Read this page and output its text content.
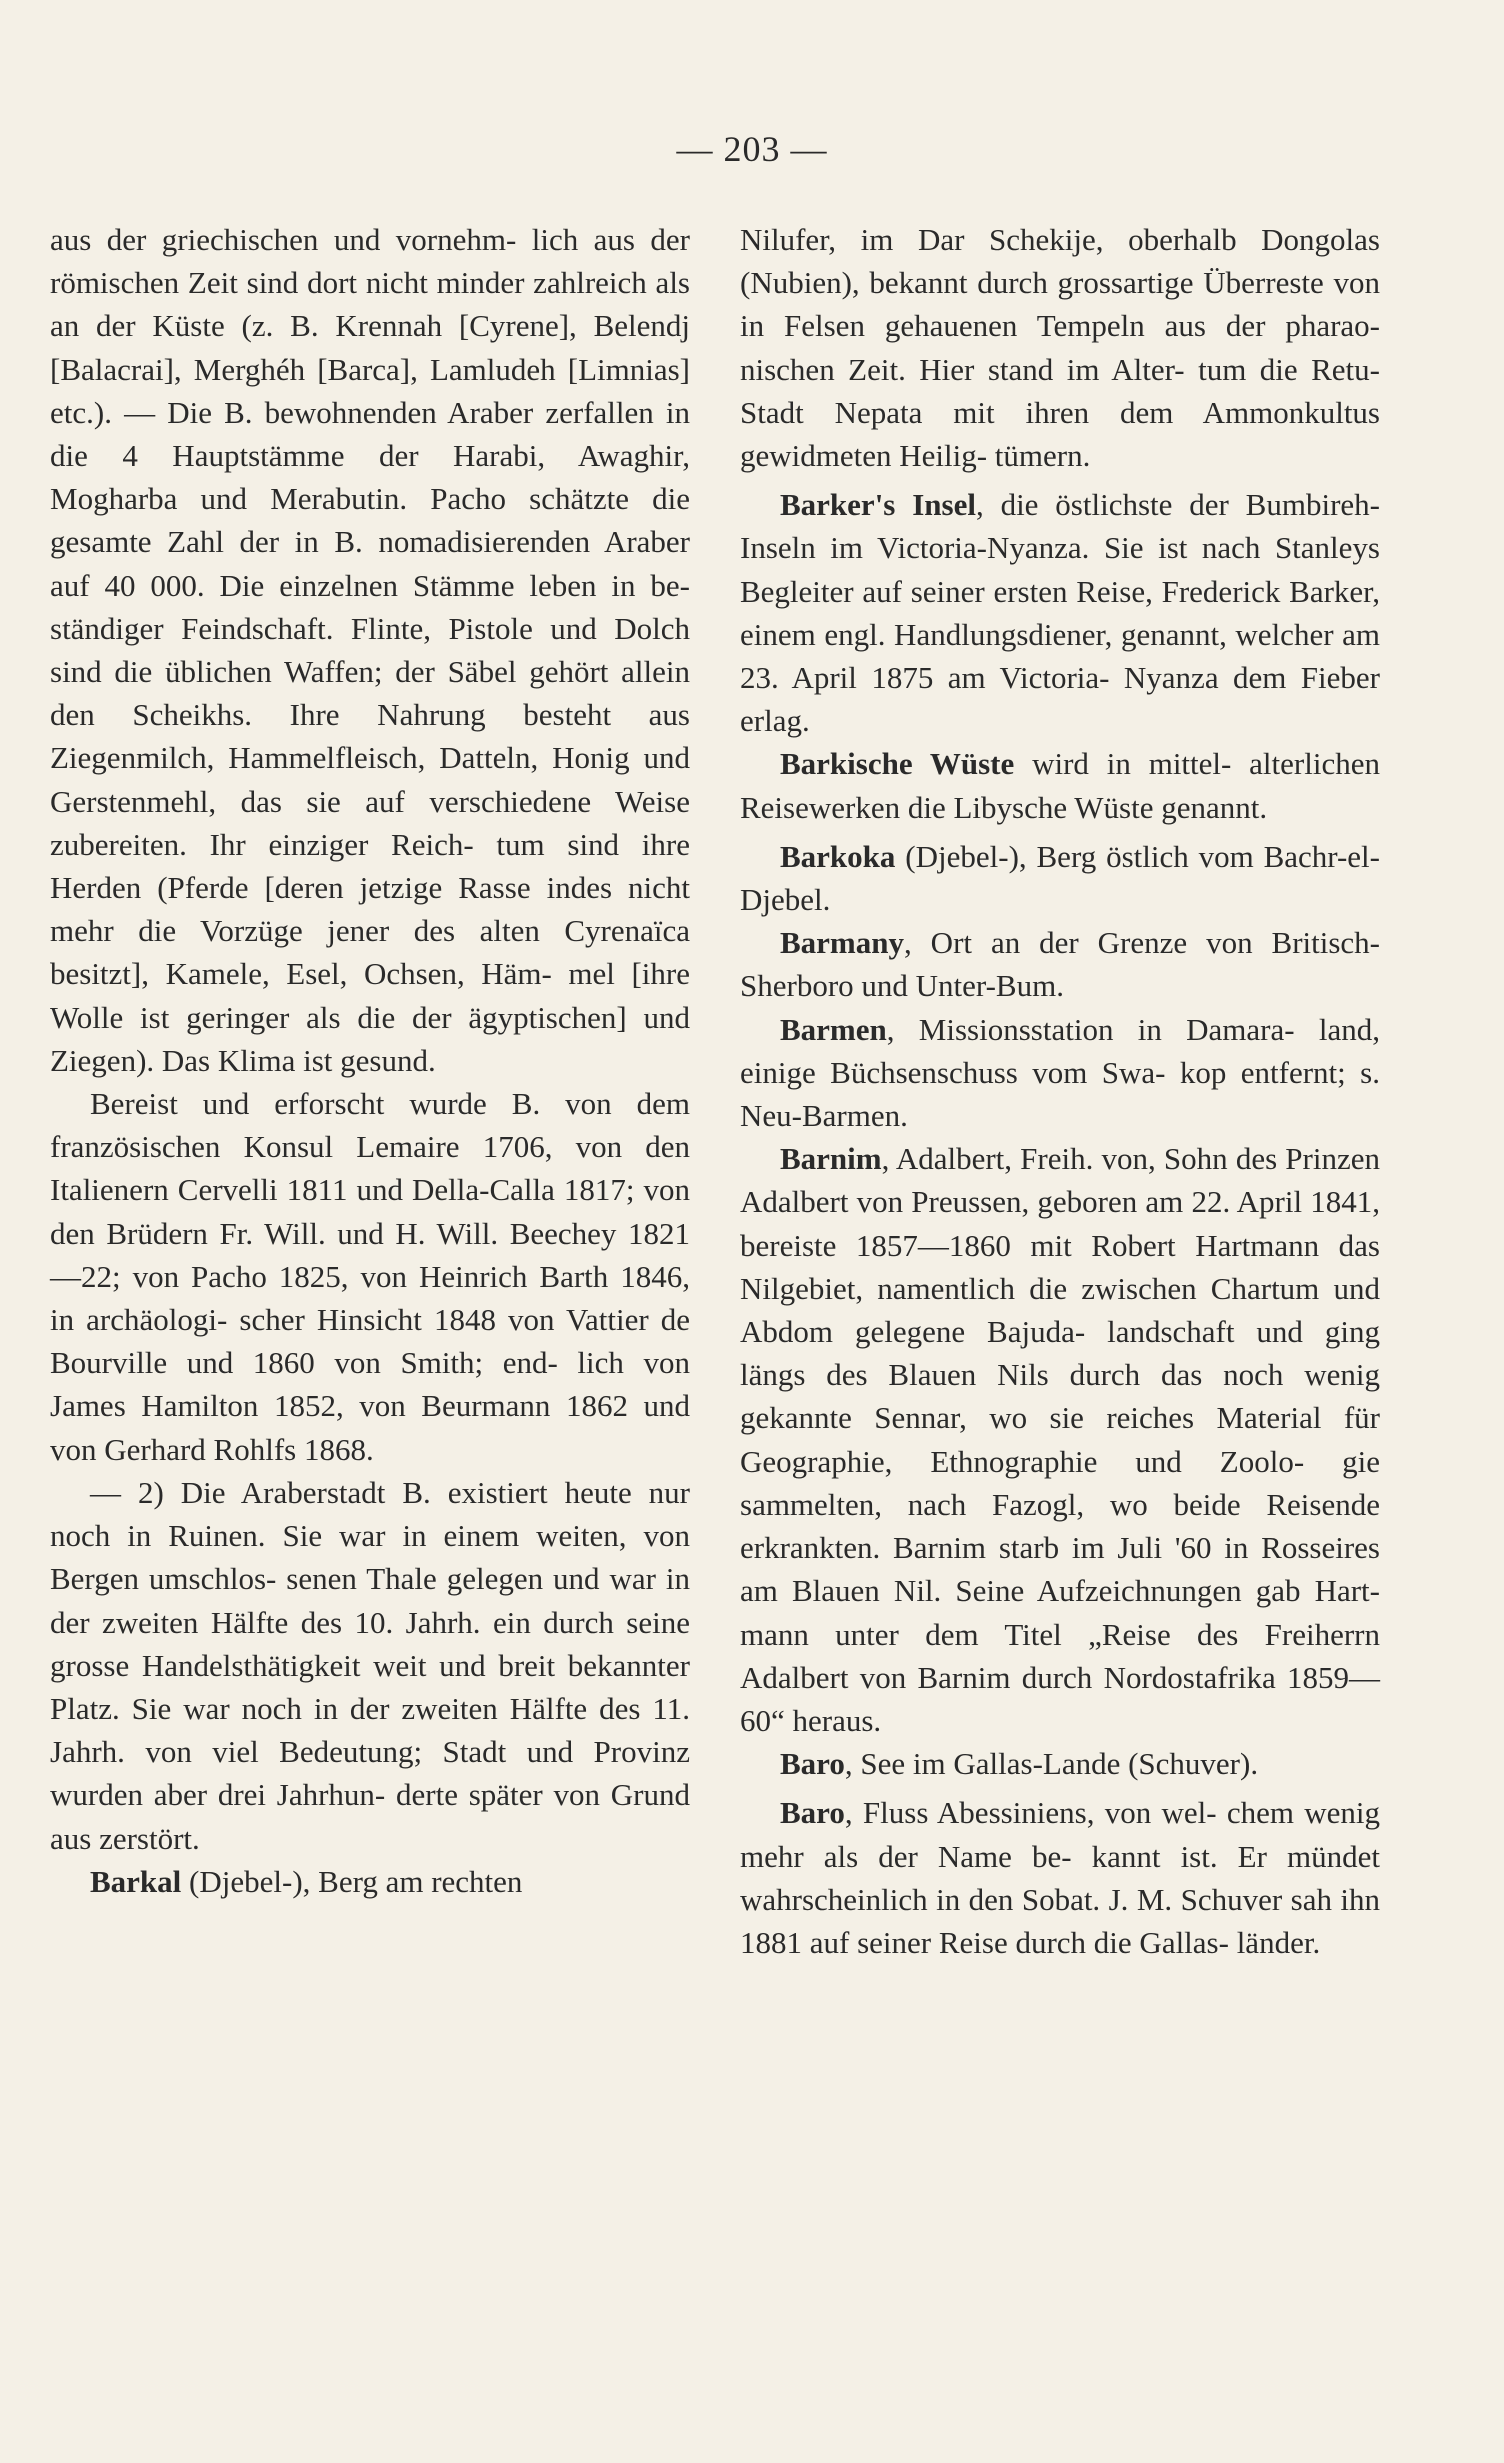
— 203 —

aus der griechischen und vornehm- lich aus der römischen Zeit sind dort nicht minder zahlreich als an der Küste (z. B. Krennah [Cyrene], Belendj [Balacrai], Merghéh [Barca], Lamludeh [Limnias] etc.). — Die B. bewohnenden Araber zerfallen in die 4 Hauptstämme der Harabi, Awaghir, Mogharba und Merabutin. Pacho schätzte die gesamte Zahl der in B. nomadisierenden Araber auf 40 000. Die einzelnen Stämme leben in be- ständiger Feindschaft. Flinte, Pistole und Dolch sind die üblichen Waffen; der Säbel gehört allein den Scheikhs. Ihre Nahrung besteht aus Ziegenmilch, Hammelfleisch, Datteln, Honig und Gerstenmehl, das sie auf verschiedene Weise zubereiten. Ihr einziger Reich- tum sind ihre Herden (Pferde [deren jetzige Rasse indes nicht mehr die Vorzüge jener des alten Cyrenaïca besitzt], Kamele, Esel, Ochsen, Häm- mel [ihre Wolle ist geringer als die der ägyptischen] und Ziegen). Das Klima ist gesund.

Bereist und erforscht wurde B. von dem französischen Konsul Lemaire 1706, von den Italienern Cervelli 1811 und Della-Calla 1817; von den Brüdern Fr. Will. und H. Will. Beechey 1821—22; von Pacho 1825, von Heinrich Barth 1846, in archäologi- scher Hinsicht 1848 von Vattier de Bourville und 1860 von Smith; end- lich von James Hamilton 1852, von Beurmann 1862 und von Gerhard Rohlfs 1868.

— 2) Die Araberstadt B. existiert heute nur noch in Ruinen. Sie war in einem weiten, von Bergen umschlos- senen Thale gelegen und war in der zweiten Hälfte des 10. Jahrh. ein durch seine grosse Handelsthätigkeit weit und breit bekannter Platz. Sie war noch in der zweiten Hälfte des 11. Jahrh. von viel Bedeutung; Stadt und Provinz wurden aber drei Jahrhun- derte später von Grund aus zerstört.

Barkal (Djebel-), Berg am rechten

Nilufer, im Dar Schekije, oberhalb Dongolas (Nubien), bekannt durch grossartige Überreste von in Felsen gehauenen Tempeln aus der pharao- nischen Zeit. Hier stand im Alter- tum die Retu-Stadt Nepata mit ihren dem Ammonkultus gewidmeten Heilig- tümern.

Barker's Insel, die östlichste der Bumbireh-Inseln im Victoria-Nyanza. Sie ist nach Stanleys Begleiter auf seiner ersten Reise, Frederick Barker, einem engl. Handlungsdiener, genannt, welcher am 23. April 1875 am Victoria- Nyanza dem Fieber erlag.

Barkische Wüste wird in mittel- alterlichen Reisewerken die Libysche Wüste genannt.

Barkoka (Djebel-), Berg östlich vom Bachr-el-Djebel.

Barmany, Ort an der Grenze von Britisch-Sherboro und Unter-Bum.

Barmen, Missionsstation in Damara- land, einige Büchsenschuss vom Swa- kop entfernt; s. Neu-Barmen.

Barnim, Adalbert, Freih. von, Sohn des Prinzen Adalbert von Preussen, geboren am 22. April 1841, bereiste 1857—1860 mit Robert Hartmann das Nilgebiet, namentlich die zwischen Chartum und Abdom gelegene Bajuda- landschaft und ging längs des Blauen Nils durch das noch wenig gekannte Sennar, wo sie reiches Material für Geographie, Ethnographie und Zoolo- gie sammelten, nach Fazogl, wo beide Reisende erkrankten. Barnim starb im Juli '60 in Rosseires am Blauen Nil. Seine Aufzeichnungen gab Hart- mann unter dem Titel „Reise des Freiherrn Adalbert von Barnim durch Nordostafrika 1859—60“ heraus.

Baro, See im Gallas-Lande (Schuver).

Baro, Fluss Abessiniens, von wel- chem wenig mehr als der Name be- kannt ist. Er mündet wahrscheinlich in den Sobat. J. M. Schuver sah ihn 1881 auf seiner Reise durch die Gallas- länder.
